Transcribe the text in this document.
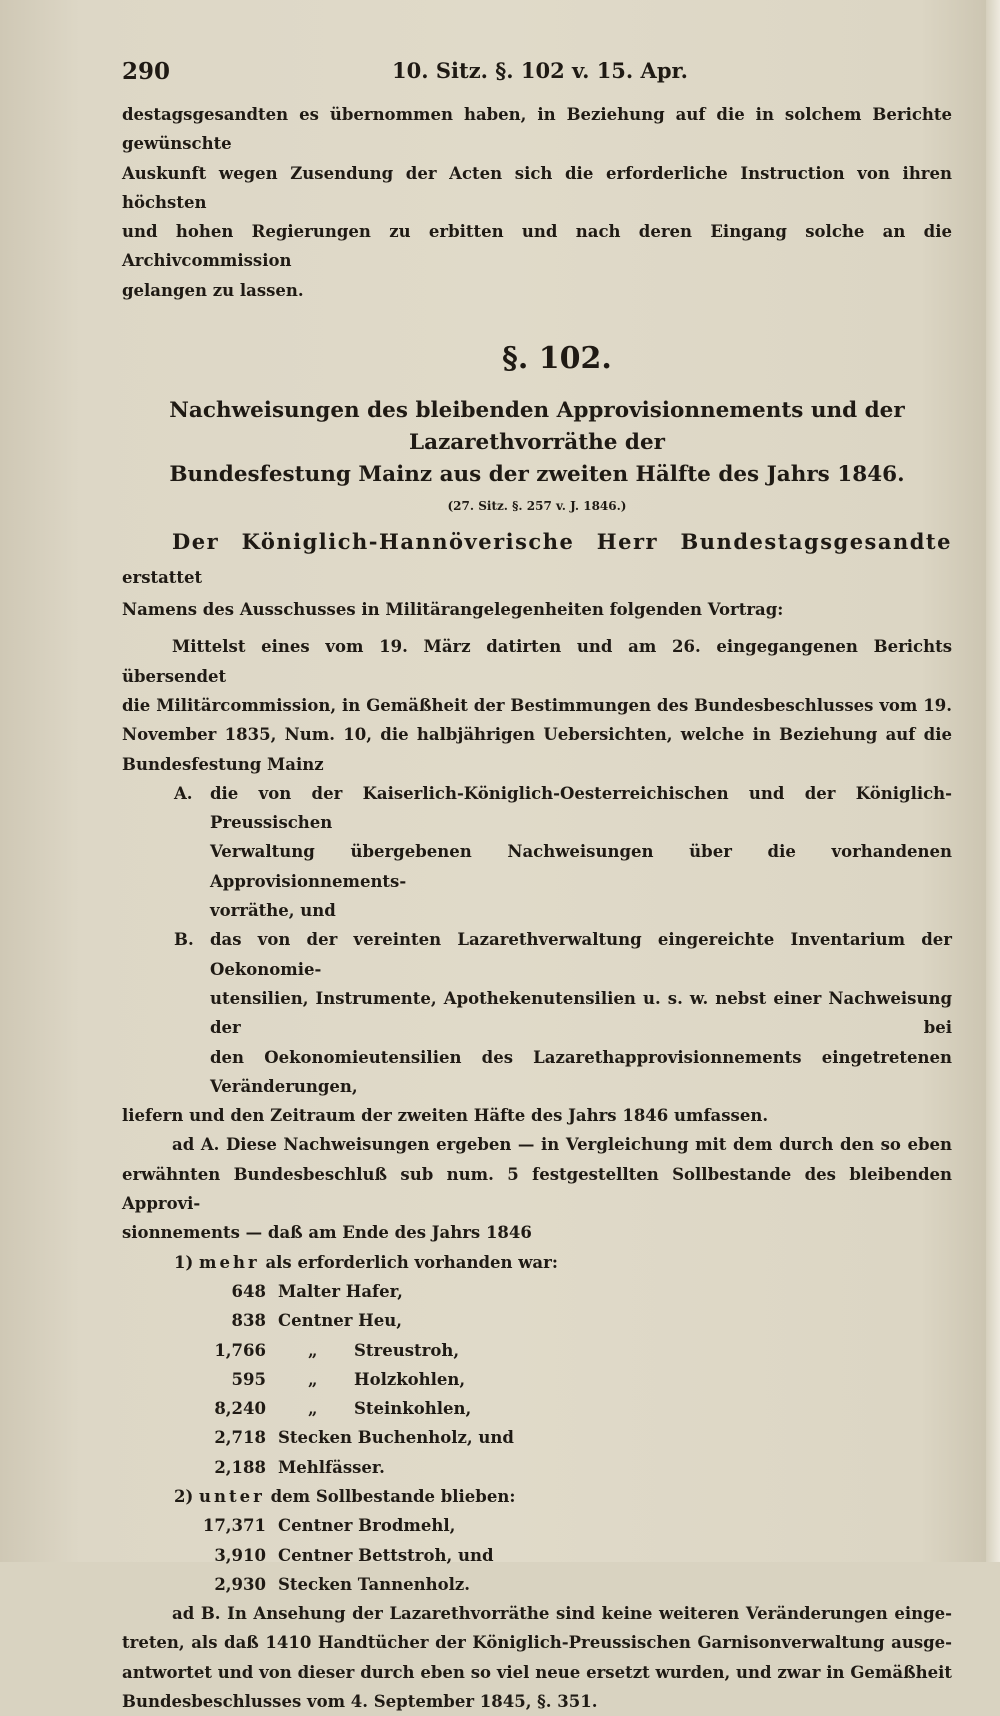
290	10. Sitz. §. 102 v. 15. Apr.

destagsgesandten es übernommen haben, in Beziehung auf die in solchem Berichte gewünschte

Auskunft wegen Zusendung der Acten sich die erforderliche Instruction von ihren höchsten

und hohen Regierungen zu erbitten und nach deren Eingang solche an die Archivcommission

gelangen zu lassen.

§. 102.
Nachweisungen des bleibenden Approvisionnements und der Lazarethvorräthe der
Bundesfestung Mainz aus der zweiten Hälfte des Jahrs 1846.
(27. Sitz. §. 257 v. J. 1846.)

Der Königlich-Hannöverische Herr Bundestagsgesandte erstattet

Namens des Ausschusses in Militärangelegenheiten folgenden Vortrag:

Mittelst eines vom 19. März datirten und am 26. eingegangenen Berichts übersendet

die Militärcommission, in Gemäßheit der Bestimmungen des Bundesbeschlusses vom 19.

November 1835, Num. 10, die halbjährigen Uebersichten, welche in Beziehung auf die

Bundesfestung Mainz

A. die von der Kaiserlich-Königlich-Oesterreichischen und der Königlich-Preussischen

Verwaltung übergebenen Nachweisungen über die vorhandenen Approvisionnements-

vorräthe, und

B. das von der vereinten Lazarethverwaltung eingereichte Inventarium der Oekonomie-

utensilien, Instrumente, Apothekenutensilien u. s. w. nebst einer Nachweisung der bei

den Oekonomieutensilien des Lazarethapprovisionnements eingetretenen Veränderungen,

liefern und den Zeitraum der zweiten Häfte des Jahrs 1846 umfassen.

ad A. Diese Nachweisungen ergeben — in Vergleichung mit dem durch den so eben

erwähnten Bundesbeschluß sub num. 5 festgestellten Sollbestande des bleibenden Approvi-

sionnements — daß am Ende des Jahrs 1846

1) mehr als erforderlich vorhanden war:

648 Malter Hafer,
838 Centner Heu,
1,766	„ Streustroh,
595	„ Holzkohlen,
8,240	„ Steinkohlen,
2,718 Stecken Buchenholz, und
2,188 Mehlfässer.

2) unter dem Sollbestande blieben:

17,371 Centner Brodmehl,
3,910 Centner Bettstroh, und
2,930 Stecken Tannenholz.

ad B. In Ansehung der Lazarethvorräthe sind keine weiteren Veränderungen einge-

treten, als daß 1410 Handtücher der Königlich-Preussischen Garnisonverwaltung ausge-

antwortet und von dieser durch eben so viel neue ersetzt wurden, und zwar in Gemäßheit

Bundesbeschlusses vom 4. September 1845, §. 351.
